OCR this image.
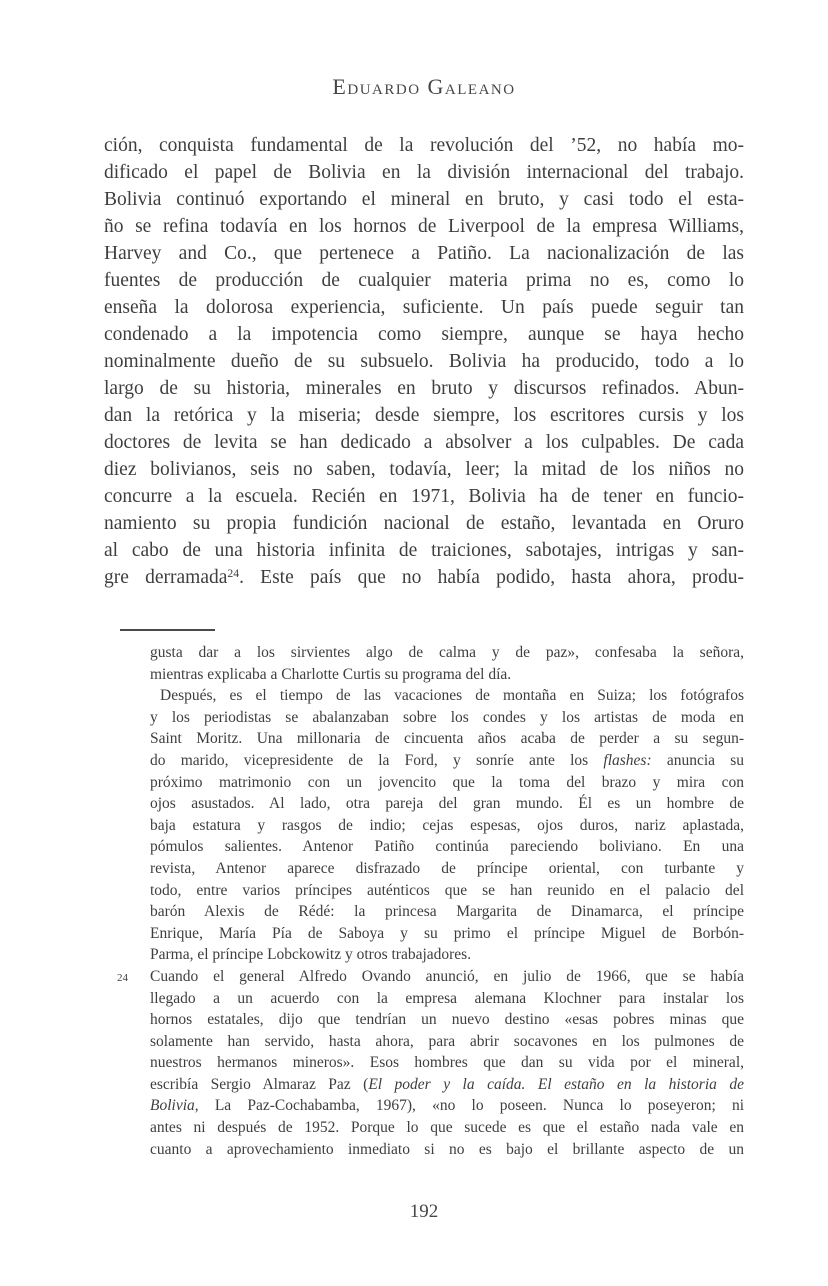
Eduardo Galeano
ción, conquista fundamental de la revolución del ’52, no había mo-
dificado el papel de Bolivia en la división internacional del trabajo.
Bolivia continuó exportando el mineral en bruto, y casi todo el esta-
ño se refina todavía en los hornos de Liverpool de la empresa Williams,
Harvey and Co., que pertenece a Patiño. La nacionalización de las
fuentes de producción de cualquier materia prima no es, como lo
enseña la dolorosa experiencia, suficiente. Un país puede seguir tan
condenado a la impotencia como siempre, aunque se haya hecho
nominalmente dueño de su subsuelo. Bolivia ha producido, todo a lo
largo de su historia, minerales en bruto y discursos refinados. Abun-
dan la retórica y la miseria; desde siempre, los escritores cursis y los
doctores de levita se han dedicado a absolver a los culpables. De cada
diez bolivianos, seis no saben, todavía, leer; la mitad de los niños no
concurre a la escuela. Recién en 1971, Bolivia ha de tener en funcio-
namiento su propia fundición nacional de estaño, levantada en Oruro
al cabo de una historia infinita de traiciones, sabotajes, intrigas y san-
gre derramada$^{24}$. Este país que no había podido, hasta ahora, produ-
gusta dar a los sirvientes algo de calma y de paz», confesaba la señora,
mientras explicaba a Charlotte Curtis su programa del día.
Después, es el tiempo de las vacaciones de montaña en Suiza; los fotógrafos
y los periodistas se abalanzaban sobre los condes y los artistas de moda en
Saint Moritz. Una millonaria de cincuenta años acaba de perder a su segun-
do marido, vicepresidente de la Ford, y sonríe ante los flashes: anuncia su
próximo matrimonio con un jovencito que la toma del brazo y mira con
ojos asustados. Al lado, otra pareja del gran mundo. Él es un hombre de
baja estatura y rasgos de indio; cejas espesas, ojos duros, nariz aplastada,
pómulos salientes. Antenor Patiño continúa pareciendo boliviano. En una
revista, Antenor aparece disfrazado de príncipe oriental, con turbante y
todo, entre varios príncipes auténticos que se han reunido en el palacio del
barón Alexis de Rédé: la princesa Margarita de Dinamarca, el príncipe
Enrique, María Pía de Saboya y su primo el príncipe Miguel de Borbón-
Parma, el príncipe Lobckowitz y otros trabajadores.
24 Cuando el general Alfredo Ovando anunció, en julio de 1966, que se había
llegado a un acuerdo con la empresa alemana Klochner para instalar los
hornos estatales, dijo que tendrían un nuevo destino «esas pobres minas que
solamente han servido, hasta ahora, para abrir socavones en los pulmones de
nuestros hermanos mineros». Esos hombres que dan su vida por el mineral,
escribía Sergio Almaraz Paz (El poder y la caída. El estaño en la historia de
Bolivia, La Paz-Cochabamba, 1967), «no lo poseen. Nunca lo poseyeron; ni
antes ni después de 1952. Porque lo que sucede es que el estaño nada vale en
cuanto a aprovechamiento inmediato si no es bajo el brillante aspecto de un
192
